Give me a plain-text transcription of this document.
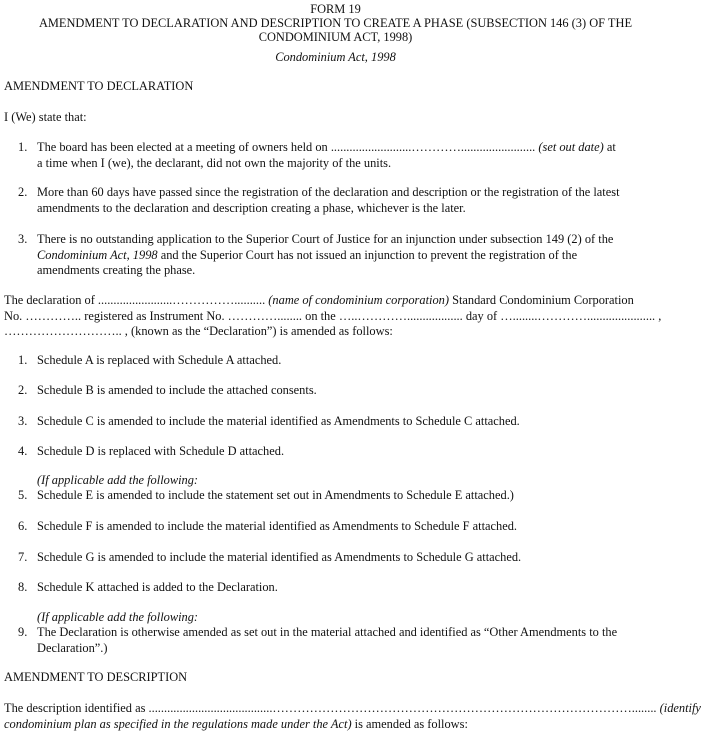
FORM 19
AMENDMENT TO DECLARATION AND DESCRIPTION TO CREATE A PHASE (SUBSECTION 146 (3) OF THE
CONDOMINIUM ACT, 1998)
Condominium Act, 1998
AMENDMENT TO DECLARATION
I (We) state that:
1. The board has been elected at a meeting of owners held on ..........................…………........................ (set out date) at
a time when I (we), the declarant, did not own the majority of the units.
2. More than 60 days have passed since the registration of the declaration and description or the registration of the latest
amendments to the declaration and description creating a phase, whichever is the later.
3. There is no outstanding application to the Superior Court of Justice for an injunction under subsection 149 (2) of the
Condominium Act, 1998 and the Superior Court has not issued an injunction to prevent the registration of the
amendments creating the phase.
The declaration of ........................…………….......... (name of condominium corporation) Standard Condominium Corporation
No. ………….. registered as Instrument No. …………........ on the …..………….................. day of …........…………...................... ,
……………………….. , (known as the “Declaration”) is amended as follows:
1. Schedule A is replaced with Schedule A attached.
2. Schedule B is amended to include the attached consents.
3. Schedule C is amended to include the material identified as Amendments to Schedule C attached.
4. Schedule D is replaced with Schedule D attached.
(If applicable add the following:
5. Schedule E is amended to include the statement set out in Amendments to Schedule E attached.)
6. Schedule F is amended to include the material identified as Amendments to Schedule F attached.
7. Schedule G is amended to include the material identified as Amendments to Schedule G attached.
8. Schedule K attached is added to the Declaration.
(If applicable add the following:
9. The Declaration is otherwise amended as set out in the material attached and identified as “Other Amendments to the
Declaration”.)
AMENDMENT TO DESCRIPTION
The description identified as ........................................……………………………………………………………………………........ (identify
condominium plan as specified in the regulations made under the Act) is amended as follows:
